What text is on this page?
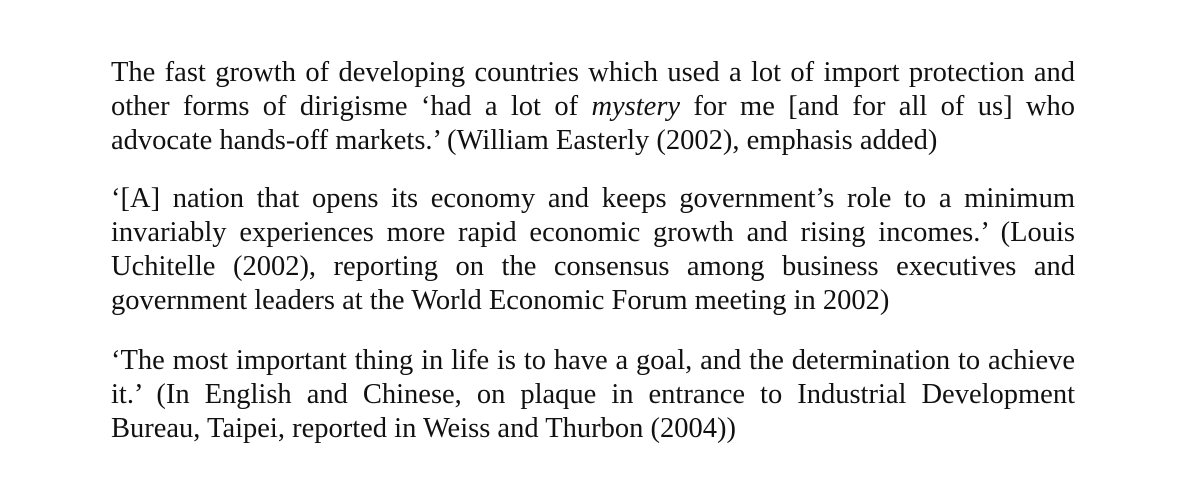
The fast growth of developing countries which used a lot of import protection and other forms of dirigisme ‘had a lot of mystery for me [and for all of us] who advocate hands-off markets.’ (William Easterly (2002), emphasis added)

‘[A] nation that opens its economy and keeps government’s role to a minimum invariably experiences more rapid economic growth and rising incomes.’ (Louis Uchitelle (2002), reporting on the consensus among business executives and government leaders at the World Economic Forum meeting in 2002)

‘The most important thing in life is to have a goal, and the determination to achieve it.’ (In English and Chinese, on plaque in entrance to Industrial Development Bureau, Taipei, reported in Weiss and Thurbon (2004))
